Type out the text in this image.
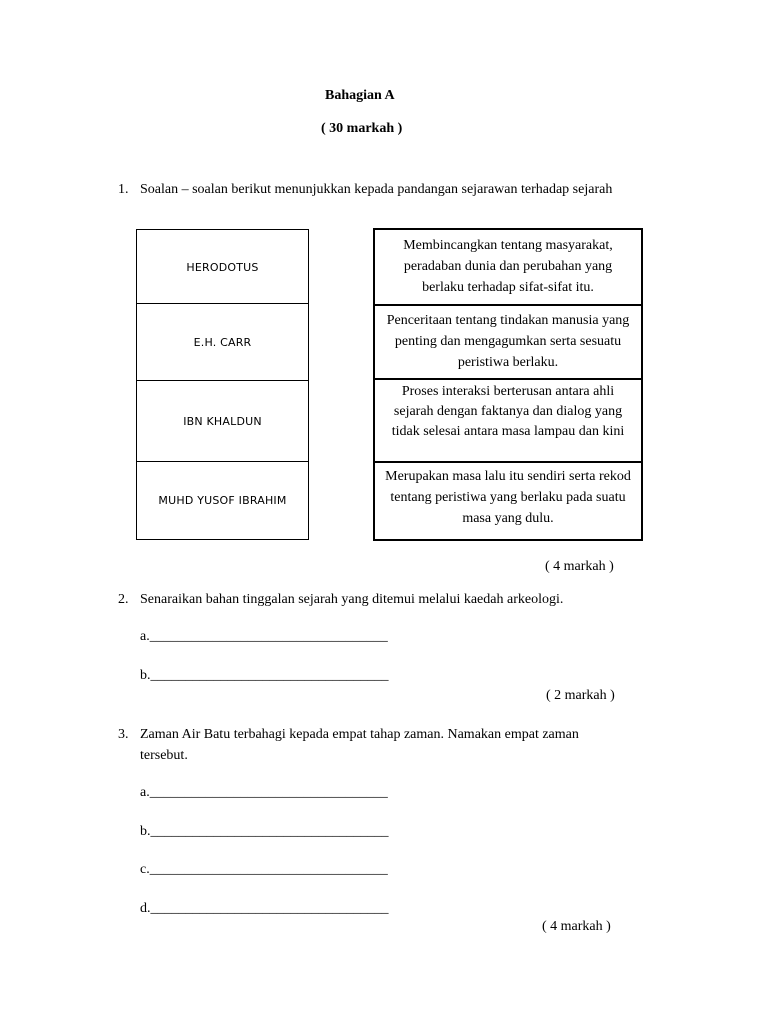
Bahagian A
( 30 markah )
1. Soalan – soalan berikut menunjukkan kepada pandangan sejarawan terhadap sejarah
HERODOTUS
E.H. CARR
IBN KHALDUN
MUHD YUSOF IBRAHIM
Membincangkan tentang masyarakat, peradaban dunia dan perubahan yang berlaku terhadap sifat-sifat itu.
Penceritaan tentang tindakan manusia yang penting dan mengagumkan serta sesuatu peristiwa berlaku.
Proses interaksi berterusan antara ahli sejarah dengan faktanya dan dialog yang tidak selesai antara masa lampau dan kini
Merupakan masa lalu itu sendiri serta rekod tentang peristiwa yang berlaku pada suatu masa yang dulu.
( 4 markah )
2. Senaraikan bahan tinggalan sejarah yang ditemui melalui kaedah arkeologi.
a.__________________________________
b.__________________________________
( 2 markah )
3. Zaman Air Batu terbahagi kepada empat tahap zaman. Namakan empat zaman
tersebut.
a.__________________________________
b.__________________________________
c.__________________________________
d.__________________________________
( 4 markah )
